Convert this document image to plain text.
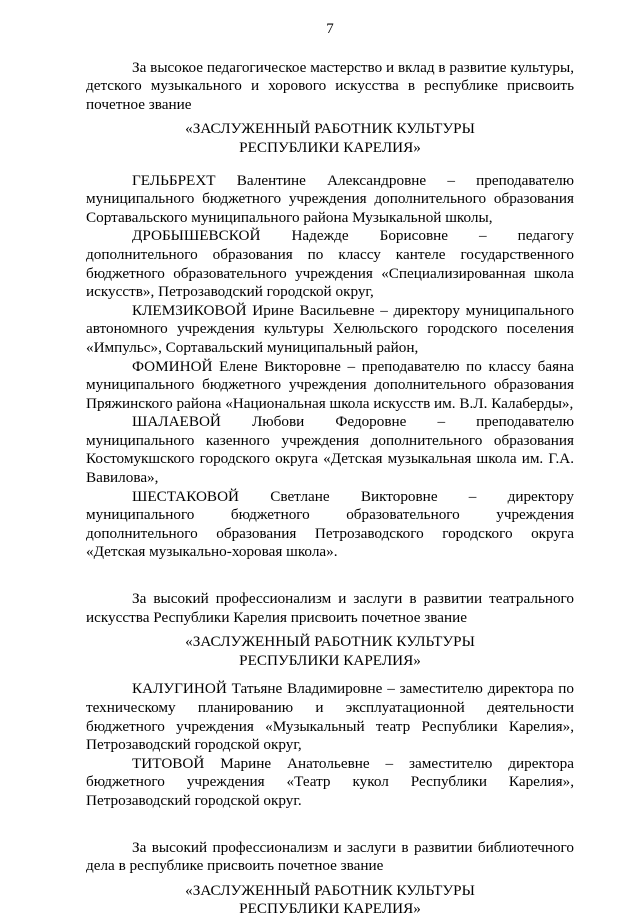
7

За высокое педагогическое мастерство и вклад в развитие культуры, детского музыкального и хорового искусства в республике присвоить почетное звание

«ЗАСЛУЖЕННЫЙ РАБОТНИК КУЛЬТУРЫ

РЕСПУБЛИКИ КАРЕЛИЯ»

ГЕЛЬБРЕХТ Валентине Александровне – преподавателю муниципального бюджетного учреждения дополнительного образования Сортавальского муниципального района Музыкальной школы,

ДРОБЫШЕВСКОЙ Надежде Борисовне – педагогу дополнительного образования по классу кантеле государственного бюджетного образовательного учреждения «Специализированная школа искусств», Петрозаводский городской округ,

КЛЕМЗИКОВОЙ Ирине Васильевне – директору муниципального автономного учреждения культуры Хелюльского городского поселения «Импульс», Сортавальский муниципальный район,

ФОМИНОЙ Елене Викторовне – преподавателю по классу баяна муниципального бюджетного учреждения дополнительного образования Пряжинского района «Национальная школа искусств им. В.Л. Калаберды»,

ШАЛАЕВОЙ Любови Федоровне – преподавателю муниципального казенного учреждения дополнительного образования Костомукшского городского округа «Детская музыкальная школа им. Г.А. Вавилова»,

ШЕСТАКОВОЙ Светлане Викторовне – директору муниципального бюджетного образовательного учреждения дополнительного образования Петрозаводского городского округа «Детская музыкально-хоровая школа».

За высокий профессионализм и заслуги в развитии театрального искусства Республики Карелия присвоить почетное звание

«ЗАСЛУЖЕННЫЙ РАБОТНИК КУЛЬТУРЫ

РЕСПУБЛИКИ КАРЕЛИЯ»

КАЛУГИНОЙ Татьяне Владимировне – заместителю директора по техническому планированию и эксплуатационной деятельности бюджетного учреждения «Музыкальный театр Республики Карелия», Петрозаводский городской округ,

ТИТОВОЙ Марине Анатольевне – заместителю директора бюджетного учреждения «Театр кукол Республики Карелия», Петрозаводский городской округ.

За высокий профессионализм и заслуги в развитии библиотечного дела в республике присвоить почетное звание

«ЗАСЛУЖЕННЫЙ РАБОТНИК КУЛЬТУРЫ

РЕСПУБЛИКИ КАРЕЛИЯ»
